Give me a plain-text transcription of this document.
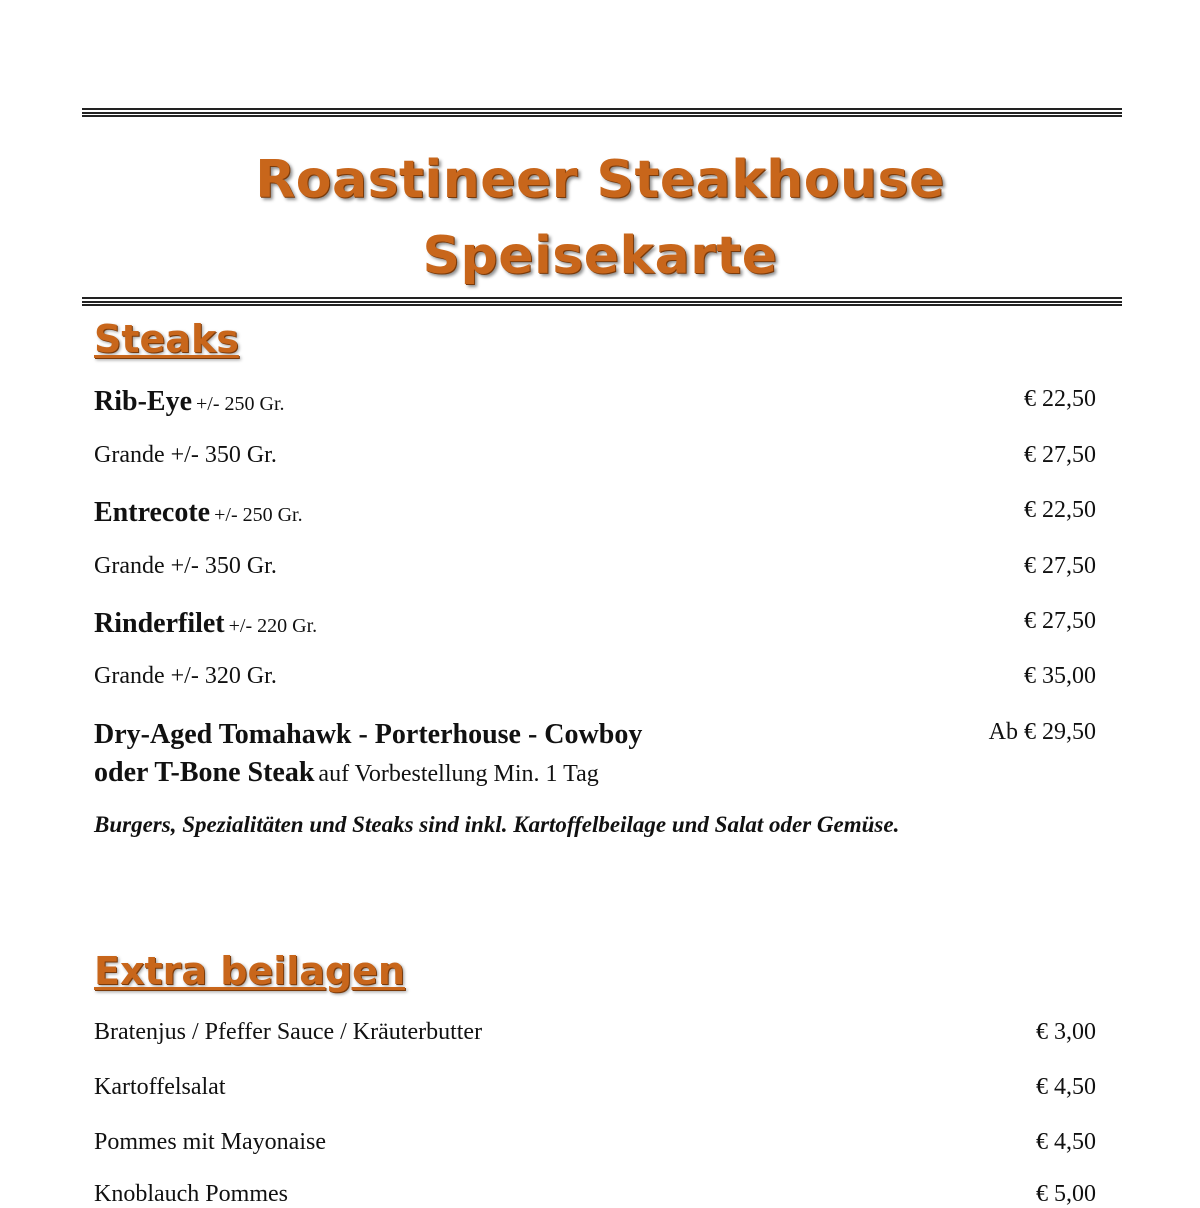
Roastineer Steakhouse
Speisekarte
Steaks
Rib-Eye +/- 250 Gr.	€ 22,50
Grande +/- 350 Gr.	€ 27,50
Entrecote +/- 250 Gr.	€ 22,50
Grande +/- 350 Gr.	€ 27,50
Rinderfilet +/- 220 Gr.	€ 27,50
Grande +/- 320 Gr.	€ 35,00
Dry-Aged Tomahawk - Porterhouse - Cowboy	Ab € 29,50
oder T-Bone Steak auf Vorbestellung Min. 1 Tag
Burgers, Spezialitäten und Steaks sind inkl. Kartoffelbeilage und Salat oder Gemüse.
Extra beilagen
Bratenjus / Pfeffer Sauce / Kräuterbutter	€ 3,00
Kartoffelsalat	€ 4,50
Pommes mit Mayonaise	€ 4,50
Knoblauch Pommes	€ 5,00
